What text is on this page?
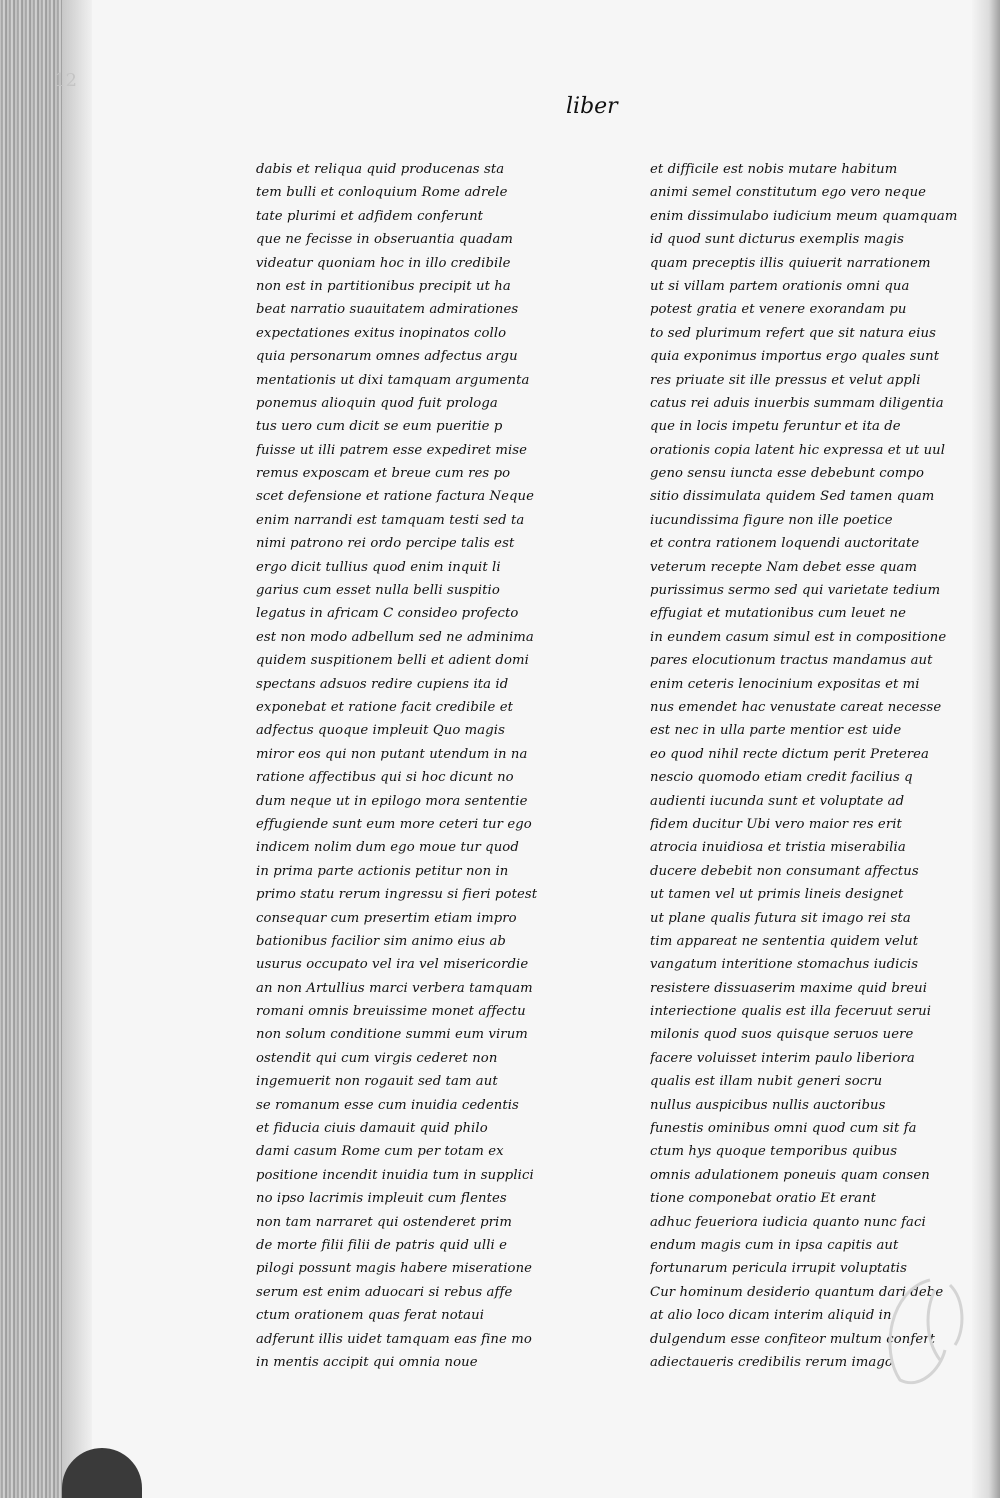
12
liber
dabis et reliqua quid producenas sta
tem bulli et conloquium Rome adrele
tate plurimi et adfidem conferunt
que ne fecisse in obseruantia quadam
videatur quoniam hoc in illo credibile
non est in partitionibus precipit ut ha
beat narratio suauitatem admirationes
expectationes exitus inopinatos collo
quia personarum omnes adfectus argu
mentationis ut dixi tamquam argumenta
ponemus alioquin quod fuit prologa
tus uero cum dicit se eum pueritie p
fuisse ut illi patrem esse expediret mise
remus exposcam et breue cum res po
scet defensione et ratione factura Neque
enim narrandi est tamquam testi sed ta
nimi patrono rei ordo percipe talis est
ergo dicit tullius quod enim inquit li
garius cum esset nulla belli suspitio
legatus in africam C consideo profecto
est non modo adbellum sed ne adminima
quidem suspitionem belli et adient domi
spectans adsuos redire cupiens ita id
exponebat et ratione facit credibile et
adfectus quoque impleuit Quo magis
miror eos qui non putant utendum in na
ratione affectibus qui si hoc dicunt no
dum neque ut in epilogo mora sententie
effugiende sunt eum more ceteri tur ego
indicem nolim dum ego moue tur quod
in prima parte actionis petitur non in
primo statu rerum ingressu si fieri potest
consequar cum presertim etiam impro
bationibus facilior sim animo eius ab
usurus occupato vel ira vel misericordie
an non Artullius marci verbera tamquam
romani omnis breuissime monet affectu
non solum conditione summi eum virum
ostendit qui cum virgis cederet non
ingemuerit non rogauit sed tam aut
se romanum esse cum inuidia cedentis
et fiducia ciuis damauit quid philo
dami casum Rome cum per totam ex
positione incendit inuidia tum in supplici
no ipso lacrimis impleuit cum flentes
non tam narraret qui ostenderet prim
de morte filii filii de patris quid ulli e
pilogi possunt magis habere miseratione
serum est enim aduocari si rebus affe
ctum orationem quas ferat notaui
adferunt illis uidet tamquam eas fine mo
in mentis accipit qui omnia noue
et difficile est nobis mutare habitum
animi semel constitutum ego vero neque
enim dissimulabo iudicium meum quamquam
id quod sunt dicturus exemplis magis
quam preceptis illis quiuerit narrationem
ut si villam partem orationis omni qua
potest gratia et venere exorandam pu
to sed plurimum refert que sit natura eius
quia exponimus importus ergo quales sunt
res priuate sit ille pressus et velut appli
catus rei aduis inuerbis summam diligentia
que in locis impetu feruntur et ita de
orationis copia latent hic expressa et ut uul
geno sensu iuncta esse debebunt compo
sitio dissimulata quidem Sed tamen quam
iucundissima figure non ille poetice
et contra rationem loquendi auctoritate
veterum recepte Nam debet esse quam
purissimus sermo sed qui varietate tedium
effugiat et mutationibus cum leuet ne
in eundem casum simul est in compositione
pares elocutionum tractus mandamus aut
enim ceteris lenocinium expositas et mi
nus emendet hac venustate careat necesse
est nec in ulla parte mentior est uide
eo quod nihil recte dictum perit Preterea
nescio quomodo etiam credit facilius q
audienti iucunda sunt et voluptate ad
fidem ducitur Ubi vero maior res erit
atrocia inuidiosa et tristia miserabilia
ducere debebit non consumant affectus
ut tamen vel ut primis lineis designet
ut plane qualis futura sit imago rei sta
tim appareat ne sententia quidem velut
vangatum interitione stomachus iudicis
resistere dissuaserim maxime quid breui
interiectione qualis est illa feceruut serui
milonis quod suos quisque seruos uere
facere voluisset interim paulo liberiora
qualis est illam nubit generi socru
nullus auspicibus nullis auctoribus
funestis ominibus omni quod cum sit fa
ctum hys quoque temporibus quibus
omnis adulationem poneuis quam consen
tione componebat oratio Et erant
adhuc feueriora iudicia quanto nunc faci
endum magis cum in ipsa capitis aut
fortunarum pericula irrupit voluptatis
Cur hominum desiderio quantum dari debe
at alio loco dicam interim aliquid in
dulgendum esse confiteor multum confert
adiectaueris credibilis rerum imago
